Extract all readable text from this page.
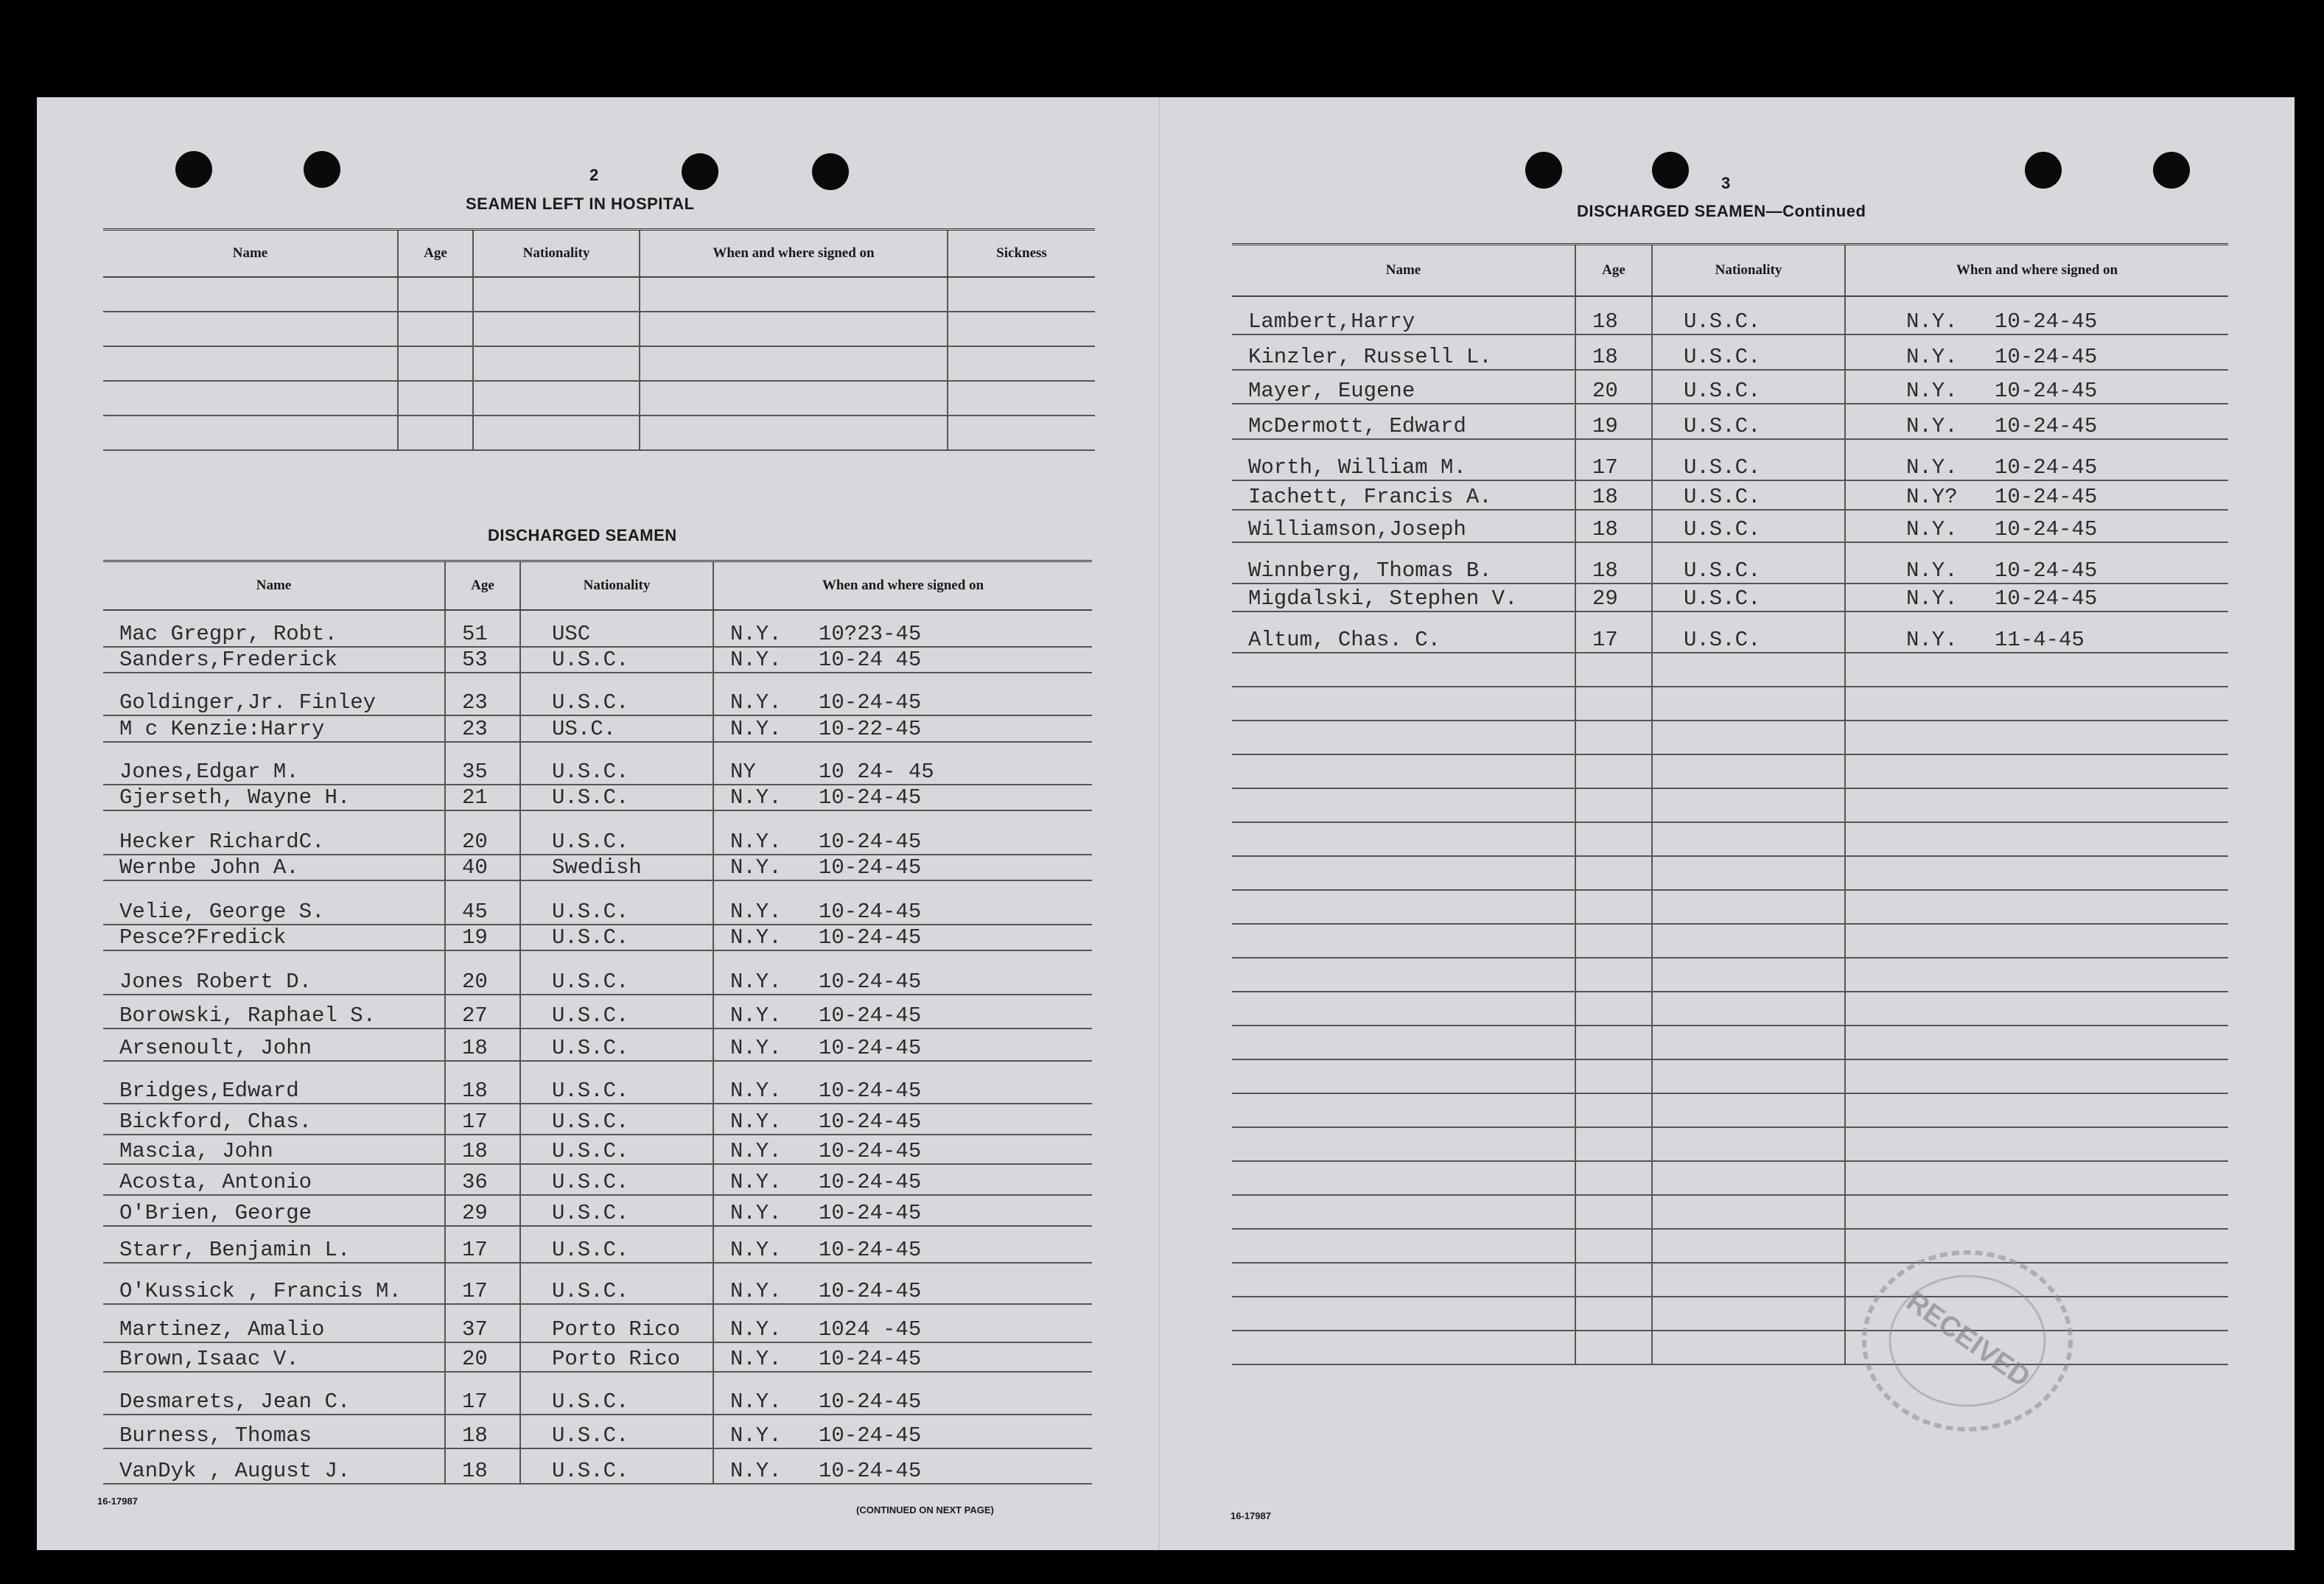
2
SEAMEN LEFT IN HOSPITAL
Name	Age	Nationality	When and where signed on	Sickness

DISCHARGED SEAMEN
Name	Age	Nationality	When and where signed on
Mac Gregpr, Robt.	51	USC	N.Y. 10?23-45
Sanders,Frederick	53	U.S.C.	N.Y. 10-24 45
Goldinger,Jr. Finley	23	U.S.C.	N.Y. 10-24-45
M c Kenzie:Harry	23	US.C.	N.Y. 10-22-45
Jones,Edgar M.	35	U.S.C.	NY 10 24- 45
Gjerseth, Wayne H.	21	U.S.C.	N.Y. 10-24-45
Hecker RichardC.	20	U.S.C.	N.Y. 10-24-45
Wernbe John A.	40	Swedish	N.Y. 10-24-45
Velie, George S.	45	U.S.C.	N.Y. 10-24-45
Pesce?Fredick	19	U.S.C.	N.Y. 10-24-45
Jones Robert D.	20	U.S.C.	N.Y. 10-24-45
Borowski, Raphael S.	27	U.S.C.	N.Y. 10-24-45
Arsenoult, John	18	U.S.C.	N.Y. 10-24-45
Bridges,Edward	18	U.S.C.	N.Y. 10-24-45
Bickford, Chas.	17	U.S.C.	N.Y. 10-24-45
Mascia, John	18	U.S.C.	N.Y. 10-24-45
Acosta, Antonio	36	U.S.C.	N.Y. 10-24-45
O'Brien, George	29	U.S.C.	N.Y. 10-24-45
Starr, Benjamin L.	17	U.S.C.	N.Y. 10-24-45
O'Kussick , Francis M.	17	U.S.C.	N.Y. 10-24-45
Martinez, Amalio	37	Porto Rico	N.Y. 1024 -45
Brown,Isaac V.	20	Porto Rico	N.Y. 10-24-45
Desmarets, Jean C.	17	U.S.C.	N.Y. 10-24-45
Burness, Thomas	18	U.S.C.	N.Y. 10-24-45
VanDyk , August J.	18	U.S.C.	N.Y. 10-24-45
16-17987
(CONTINUED ON NEXT PAGE)
3
DISCHARGED SEAMEN—Continued
Name	Age	Nationality	When and where signed on
Lambert,Harry	18	U.S.C.	N.Y. 10-24-45
Kinzler, Russell L.	18	U.S.C.	N.Y. 10-24-45
Mayer, Eugene	20	U.S.C.	N.Y. 10-24-45
McDermott, Edward	19	U.S.C.	N.Y. 10-24-45
Worth, William M.	17	U.S.C.	N.Y. 10-24-45
Iachett, Francis A.	18	U.S.C.	N.Y? 10-24-45
Williamson,Joseph	18	U.S.C.	N.Y. 10-24-45
Winnberg, Thomas B.	18	U.S.C.	N.Y. 10-24-45
Migdalski, Stephen V.	29	U.S.C.	N.Y. 10-24-45
Altum, Chas. C.	17	U.S.C.	N.Y. 11-4-45

RECEIVED
16-17987
